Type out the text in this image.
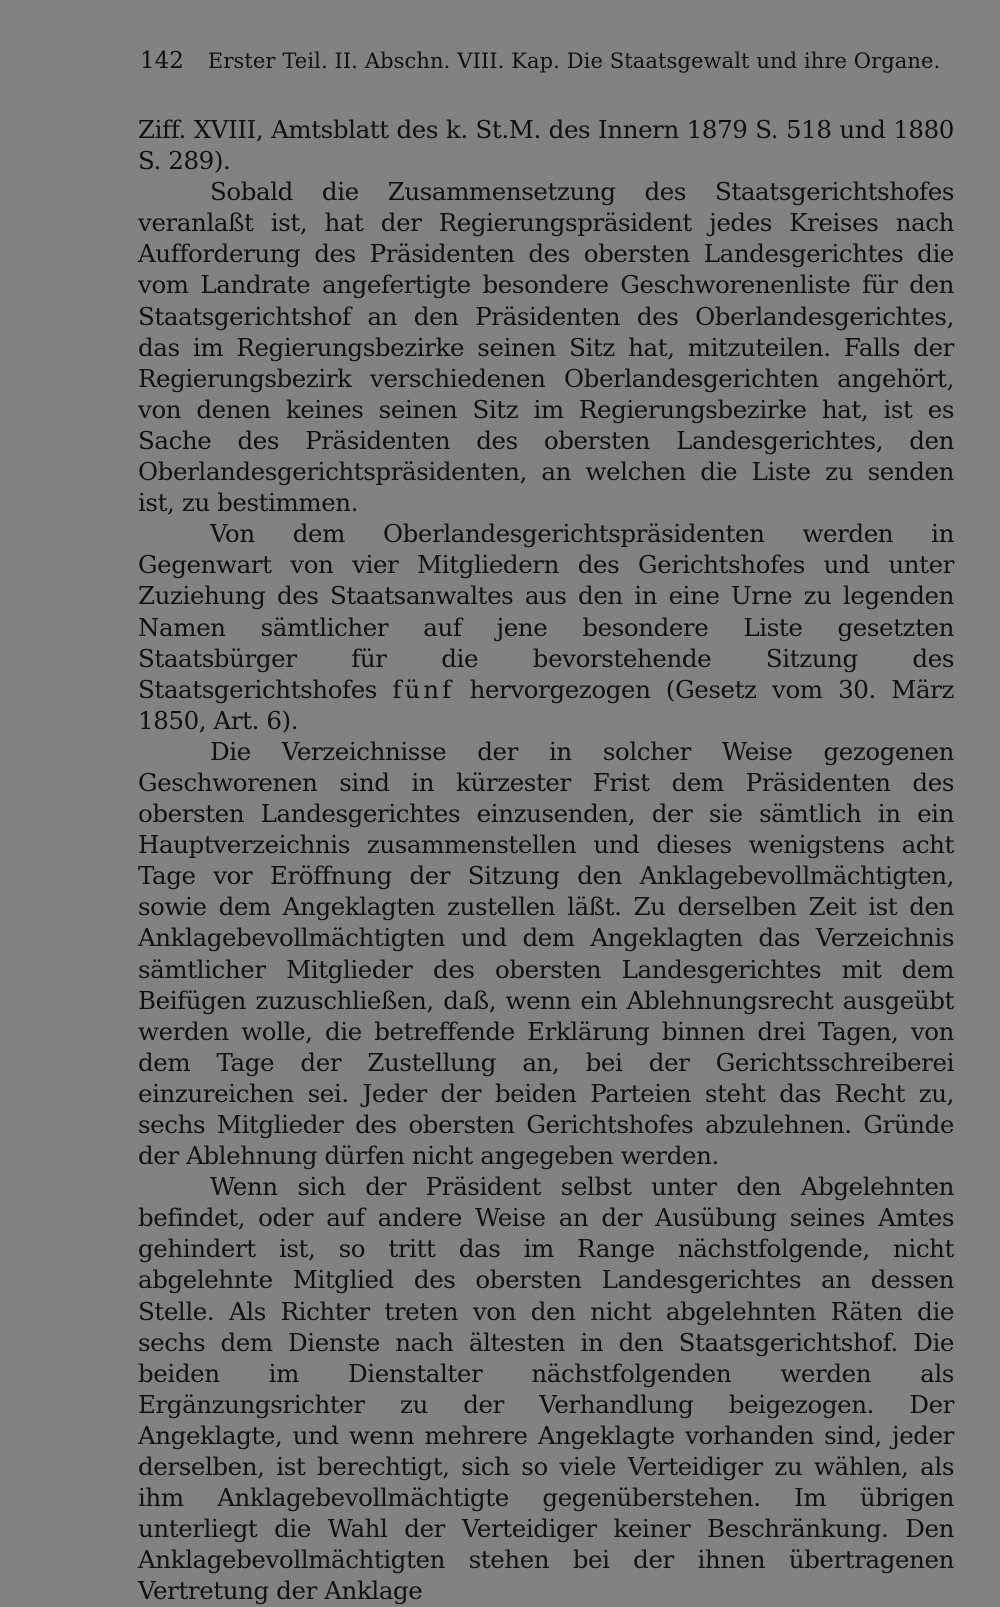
142 Erster Teil. II. Abschn. VIII. Kap. Die Staatsgewalt und ihre Organe.

Ziff. XVIII, Amtsblatt des k. St.M. des Innern 1879 S. 518 und 1880 S. 289).

Sobald die Zusammensetzung des Staatsgerichtshofes veranlaßt ist, hat der Regierungspräsident jedes Kreises nach Aufforderung des Präsidenten des obersten Landesgerichtes die vom Landrate angefertigte besondere Geschworenenliste für den Staatsgerichtshof an den Präsidenten des Oberlandesgerichtes, das im Regierungsbezirke seinen Sitz hat, mitzuteilen. Falls der Regierungsbezirk verschiedenen Oberlandesgerichten angehört, von denen keines seinen Sitz im Regierungsbezirke hat, ist es Sache des Präsidenten des obersten Landesgerichtes, den Oberlandesgerichtspräsidenten, an welchen die Liste zu senden ist, zu bestimmen.

Von dem Oberlandesgerichtspräsidenten werden in Gegenwart von vier Mitgliedern des Gerichtshofes und unter Zuziehung des Staatsanwaltes aus den in eine Urne zu legenden Namen sämtlicher auf jene besondere Liste gesetzten Staatsbürger für die bevorstehende Sitzung des Staatsgerichtshofes fünf hervorgezogen (Gesetz vom 30. März 1850, Art. 6).

Die Verzeichnisse der in solcher Weise gezogenen Geschworenen sind in kürzester Frist dem Präsidenten des obersten Landesgerichtes einzusenden, der sie sämtlich in ein Hauptverzeichnis zusammenstellen und dieses wenigstens acht Tage vor Eröffnung der Sitzung den Anklagebevollmächtigten, sowie dem Angeklagten zustellen läßt. Zu derselben Zeit ist den Anklagebevollmächtigten und dem Angeklagten das Verzeichnis sämtlicher Mitglieder des obersten Landesgerichtes mit dem Beifügen zuzuschließen, daß, wenn ein Ablehnungsrecht ausgeübt werden wolle, die betreffende Erklärung binnen drei Tagen, von dem Tage der Zustellung an, bei der Gerichtsschreiberei einzureichen sei. Jeder der beiden Parteien steht das Recht zu, sechs Mitglieder des obersten Gerichtshofes abzulehnen. Gründe der Ablehnung dürfen nicht angegeben werden.

Wenn sich der Präsident selbst unter den Abgelehnten befindet, oder auf andere Weise an der Ausübung seines Amtes gehindert ist, so tritt das im Range nächstfolgende, nicht abgelehnte Mitglied des obersten Landesgerichtes an dessen Stelle. Als Richter treten von den nicht abgelehnten Räten die sechs dem Dienste nach ältesten in den Staatsgerichtshof. Die beiden im Dienstalter nächstfolgenden werden als Ergänzungsrichter zu der Verhandlung beigezogen. Der Angeklagte, und wenn mehrere Angeklagte vorhanden sind, jeder derselben, ist berechtigt, sich so viele Verteidiger zu wählen, als ihm Anklagebevollmächtigte gegenüberstehen. Im übrigen unterliegt die Wahl der Verteidiger keiner Beschränkung. Den Anklagebevollmächtigten stehen bei der ihnen übertragenen Vertretung der Anklage
